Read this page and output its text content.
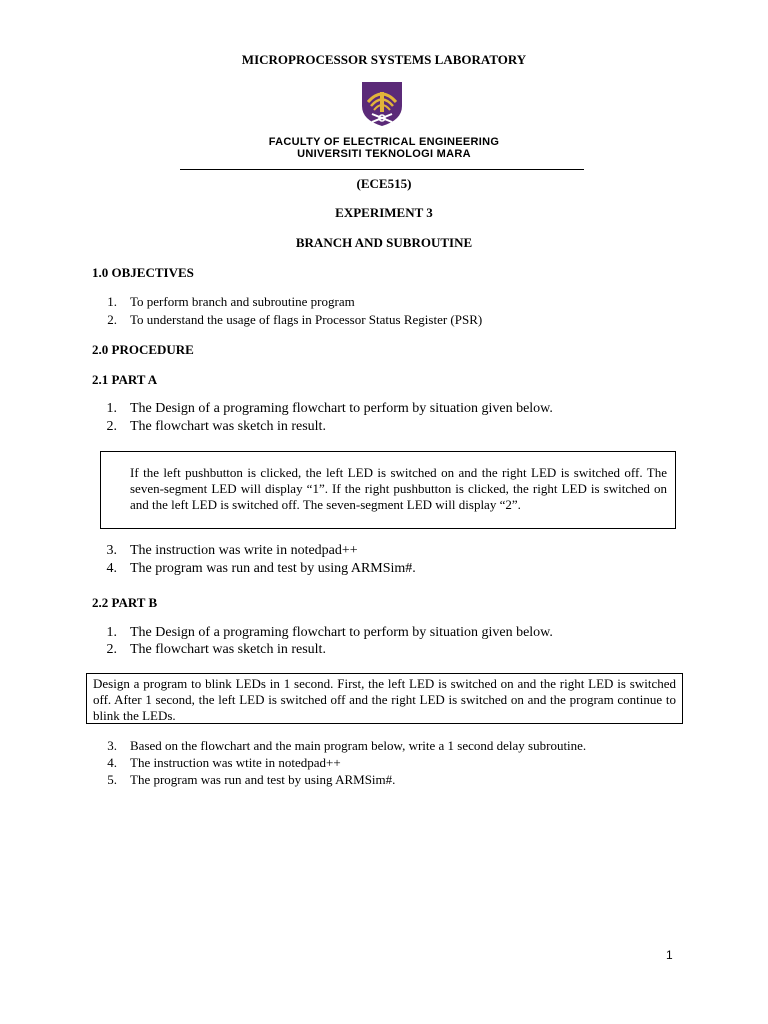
MICROPROCESSOR SYSTEMS LABORATORY
FACULTY OF ELECTRICAL ENGINEERING
UNIVERSITI TEKNOLOGI MARA
(ECE515)
EXPERIMENT 3
BRANCH AND SUBROUTINE
1.0 OBJECTIVES
1.	To perform branch and subroutine program
2.	To understand the usage of flags in Processor Status Register (PSR)
2.0 PROCEDURE
2.1 PART A
1. The Design of a programing flowchart to perform by situation given below.
2. The flowchart was sketch in result.
If the left pushbutton is clicked, the left LED is switched on and the right LED is switched off. The seven-segment LED will display “1”. If the right pushbutton is clicked, the right LED is switched on and the left LED is switched off. The seven-segment LED will display “2”.
3. The instruction was write in notedpad++
4. The program was run and test by using ARMSim#.
2.2 PART B
1. The Design of a programing flowchart to perform by situation given below.
2. The flowchart was sketch in result.
Design a program to blink LEDs in 1 second. First, the left LED is switched on and the right LED is switched off. After 1 second, the left LED is switched off and the right LED is switched on and the program continue to blink the LEDs.
3.	Based on the flowchart and the main program below, write a 1 second delay subroutine.
4.	The instruction was wtite in notedpad++
5.	The program was run and test by using ARMSim#.
1
